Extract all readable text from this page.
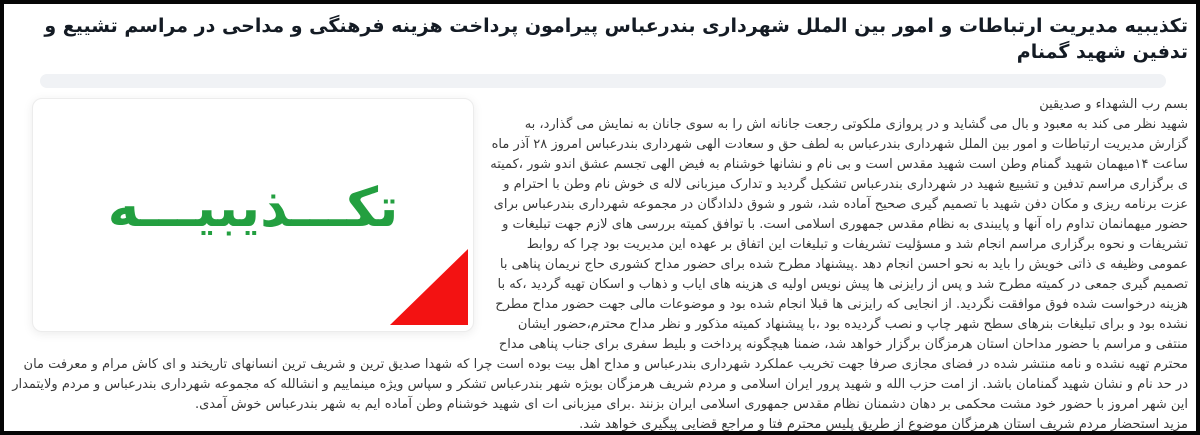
تکذیبیه مدیریت ارتباطات و امور بین الملل شهرداری بندرعباس پیرامون پرداخت هزینه فرهنگی و مداحی در مراسم تشییع و تدفین شهید گمنام
تکـــذیبیـــه

بسم رب الشهداء و صدیقین

شهید نظر می کند به معبود و بال می گشاید و در پروازی ملکوتی رجعت جانانه اش را به سوی جانان به نمایش می گذارد، به گزارش مدیریت ارتباطات و امور بین الملل شهرداری بندرعباس به لطف حق و سعادت الهی شهرداری بندرعباس امروز ۲۸ آذر ماه ساعت ۱۴میهمان شهید گمنام وطن است شهید مقدس است و بی نام و نشانها خوشنام به فیض الهی تجسم عشق اندو شور ،کمیته ی برگزاری مراسم تدفین و تشییع شهید در شهرداری بندرعباس تشکیل گردید و تدارک میزبانی لاله ی خوش نام وطن با احترام و عزت برنامه ریزی و مکان دفن شهید با تصمیم گیری صحیح آماده شد، شور و شوق دلدادگان در مجموعه شهرداری بندرعباس برای حضور میهمانمان تداوم راه آنها و پایبندی به نظام مقدس جمهوری اسلامی است. با توافق کمیته بررسی های لازم جهت تبلیغات و تشریفات و نحوه برگزاری مراسم انجام شد و مسؤلیت تشریفات و تبلیغات این اتفاق بر عهده این مدیریت بود چرا که روابط عمومی وظیفه ی ذاتی خویش را باید به نحو احسن انجام دهد .پیشنهاد مطرح شده برای حضور مداح کشوری حاج نریمان پناهی با تصمیم گیری جمعی در کمیته مطرح شد و پس از رایزنی ها پیش نویس اولیه ی هزینه های ایاب و ذهاب و اسکان تهیه گردید ،که با هزینه درخواست شده فوق موافقت نگردید. از انجایی که رایزنی ها قبلا انجام شده بود و موضوعات مالی جهت حضور مداح مطرح نشده بود و برای تبلیغات بنرهای سطح شهر چاپ و نصب گردیده بود ،با پیشنهاد کمیته مذکور و نظر مداح محترم،حضور ایشان منتفی و مراسم با حضور مداحان استان هرمزگان برگزار خواهد شد، ضمنا هیچگونه پرداخت و بلیط سفری برای جناب پناهی مداح محترم تهیه نشده و نامه منتشر شده در فضای مجازی صرفا جهت تخریب عملکرد شهرداری بندرعباس و مداح اهل بیت بوده است چرا که شهدا صدیق ترین و شریف ترین انسانهای تاریخند و ای کاش مرام و معرفت مان در حد نام و نشان شهید گمنامان باشد. از امت حزب الله و شهید پرور ایران اسلامی و مردم شریف هرمزگان بویژه شهر بندرعباس تشکر و سپاس ویژه مینماییم و انشالله که مجموعه شهرداری بندرعباس و مردم ولایتمدار این شهر امروز با حضور خود مشت محکمی بر دهان دشمنان نظام مقدس جمهوری اسلامی ایران بزنند .برای میزبانی ات ای شهید خوشنام وطن آماده ایم به شهر بندرعباس خوش آمدی.

مزید استحضار مردم شریف استان هرمزگان موضوع از طریق پلیس محترم فتا و مراجع قضایی پیگیری خواهد شد.
